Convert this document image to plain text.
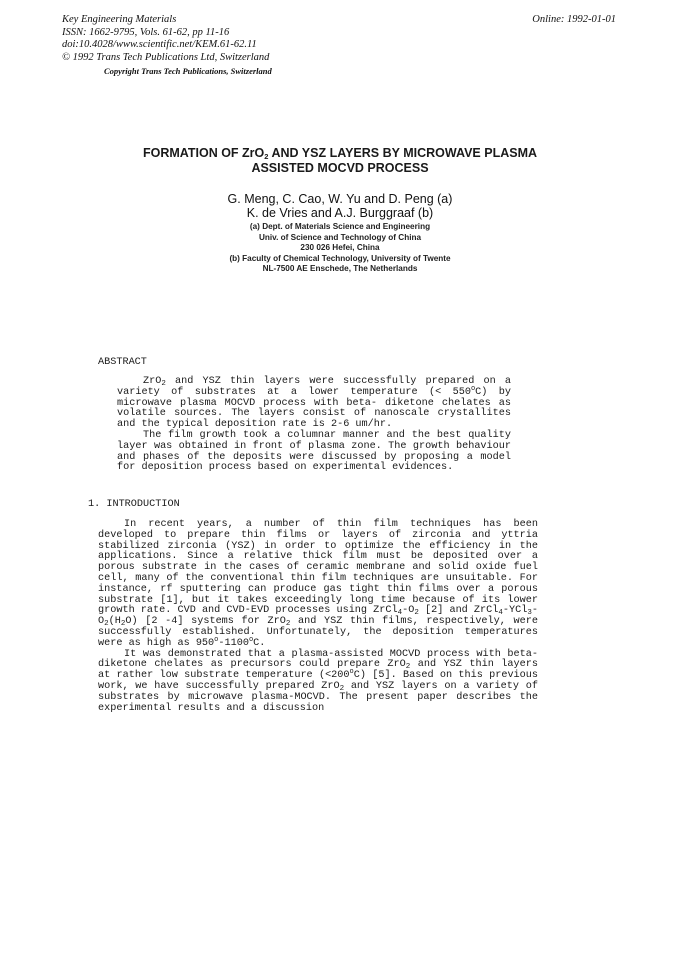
Key Engineering Materials
ISSN: 1662-9795, Vols. 61-62, pp 11-16
doi:10.4028/www.scientific.net/KEM.61-62.11
© 1992 Trans Tech Publications Ltd, Switzerland
Online: 1992-01-01
Copyright Trans Tech Publications, Switzerland
FORMATION OF ZrO$_2$ AND YSZ LAYERS BY MICROWAVE PLASMA
ASSISTED MOCVD PROCESS
G. Meng, C. Cao, W. Yu and D. Peng (a)
K. de Vries and A.J. Burggraaf (b)
(a) Dept. of Materials Science and Engineering
Univ. of Science and Technology of China
230 026 Hefei, China
(b) Faculty of Chemical Technology, University of Twente
NL-7500 AE Enschede, The Netherlands
ABSTRACT

ZrO$_2$ and YSZ thin layers were successfully prepared on a variety of substrates at a lower temperature (< $550^oC$) by microwave plasma MOCVD process with beta- diketone chelates as volatile sources. The layers consist of nanoscale crystallites and the typical deposition rate is 2-6 um/hr.

The film growth took a columnar manner and the best quality layer was obtained in front of plasma zone. The growth behaviour and phases of the deposits were discussed by proposing a model for deposition process based on experimental evidences.

1. INTRODUCTION

In recent years, a number of thin film techniques has been developed to prepare thin films or layers of zirconia and yttria stabilized zirconia (YSZ) in order to optimize the efficiency in the applications. Since a relative thick film must be deposited over a porous substrate in the cases of ceramic membrane and solid oxide fuel cell, many of the conventional thin film techniques are unsuitable. For instance, rf sputtering can produce gas tight thin films over a porous substrate [1], but it takes exceedingly long time because of its lower growth rate. CVD and CVD-EVD processes using $ZrCl_4-O_2$ [2] and $ZrCl_4-YCl_3-O_2(H_2O)$ [2 -4] systems for ZrO$_2$ and YSZ thin films, respectively, were successfully established. Unfortunately, the deposition temperatures were as high as 950$^o$-1100$^o$C.

It was demonstrated that a plasma-assisted MOCVD process with beta-diketone chelates as precursors could prepare ZrO$_2$ and YSZ thin layers at rather low substrate temperature $(<200^oC)$ [5]. Based on this previous work, we have successfully prepared ZrO$_2$ and YSZ layers on a variety of substrates by microwave plasma-MOCVD. The present paper describes the experimental results and a discussion
